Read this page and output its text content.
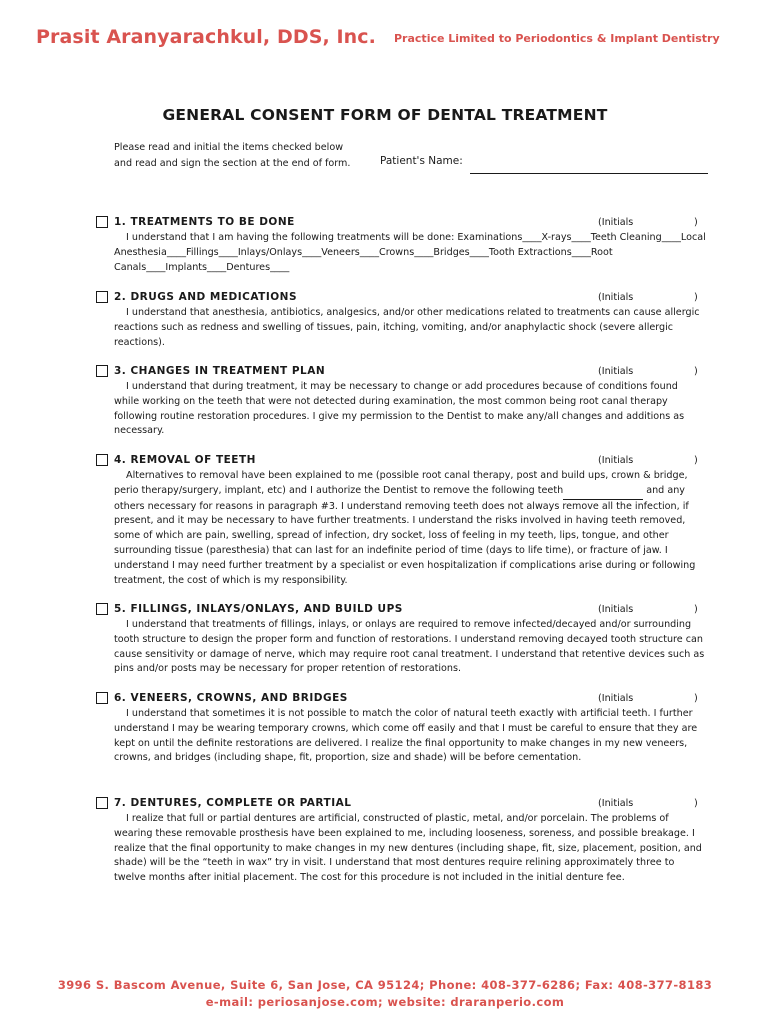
Prasit Aranyarachkul, DDS, Inc. Practice Limited to Periodontics & Implant Dentistry
GENERAL CONSENT FORM OF DENTAL TREATMENT
Please read and initial the items checked below
and read and sign the section at the end of form.	Patient's Name:
1. TREATMENTS TO BE DONE	(Initials	)

I understand that I am having the following treatments will be done: Examinations____X-rays____Teeth Cleaning____Local Anesthesia____Fillings____Inlays/Onlays____Veneers____Crowns____Bridges____Tooth Extractions____Root Canals____Implants____Dentures____

2. DRUGS AND MEDICATIONS	(Initials	)

I understand that anesthesia, antibiotics, analgesics, and/or other medications related to treatments can cause allergic reactions such as redness and swelling of tissues, pain, itching, vomiting, and/or anaphylactic shock (severe allergic reactions).

3. CHANGES IN TREATMENT PLAN	(Initials	)

I understand that during treatment, it may be necessary to change or add procedures because of conditions found while working on the teeth that were not detected during examination, the most common being root canal therapy following routine restoration procedures. I give my permission to the Dentist to make any/all changes and additions as necessary.

4. REMOVAL OF TEETH	(Initials	)

Alternatives to removal have been explained to me (possible root canal therapy, post and build ups, crown & bridge, perio therapy/surgery, implant, etc) and I authorize the Dentist to remove the following teeth	and any others necessary for reasons in paragraph #3. I understand removing teeth does not always remove all the infection, if present, and it may be necessary to have further treatments. I understand the risks involved in having teeth removed, some of which are pain, swelling, spread of infection, dry socket, loss of feeling in my teeth, lips, tongue, and other surrounding tissue (paresthesia) that can last for an indefinite period of time (days to life time), or fracture of jaw. I understand I may need further treatment by a specialist or even hospitalization if complications arise during or following treatment, the cost of which is my responsibility.

5. FILLINGS, INLAYS/ONLAYS, AND BUILD UPS	(Initials	)

I understand that treatments of fillings, inlays, or onlays are required to remove infected/decayed and/or surrounding tooth structure to design the proper form and function of restorations. I understand removing decayed tooth structure can cause sensitivity or damage of nerve, which may require root canal treatment. I understand that retentive devices such as pins and/or posts may be necessary for proper retention of restorations.

6. VENEERS, CROWNS, AND BRIDGES	(Initials	)

I understand that sometimes it is not possible to match the color of natural teeth exactly with artificial teeth. I further understand I may be wearing temporary crowns, which come off easily and that I must be careful to ensure that they are kept on until the definite restorations are delivered. I realize the final opportunity to make changes in my new veneers, crowns, and bridges (including shape, fit, proportion, size and shade) will be before cementation.

7. DENTURES, COMPLETE OR PARTIAL	(Initials	)

I realize that full or partial dentures are artificial, constructed of plastic, metal, and/or porcelain. The problems of wearing these removable prosthesis have been explained to me, including looseness, soreness, and possible breakage. I realize that the final opportunity to make changes in my new dentures (including shape, fit, size, placement, position, and shade) will be the “teeth in wax” try in visit. I understand that most dentures require relining approximately three to twelve months after initial placement. The cost for this procedure is not included in the initial denture fee.

3996 S. Bascom Avenue, Suite 6, San Jose, CA 95124; Phone: 408-377-6286; Fax: 408-377-8183
e-mail: periosanjose.com; website: draranperio.com
